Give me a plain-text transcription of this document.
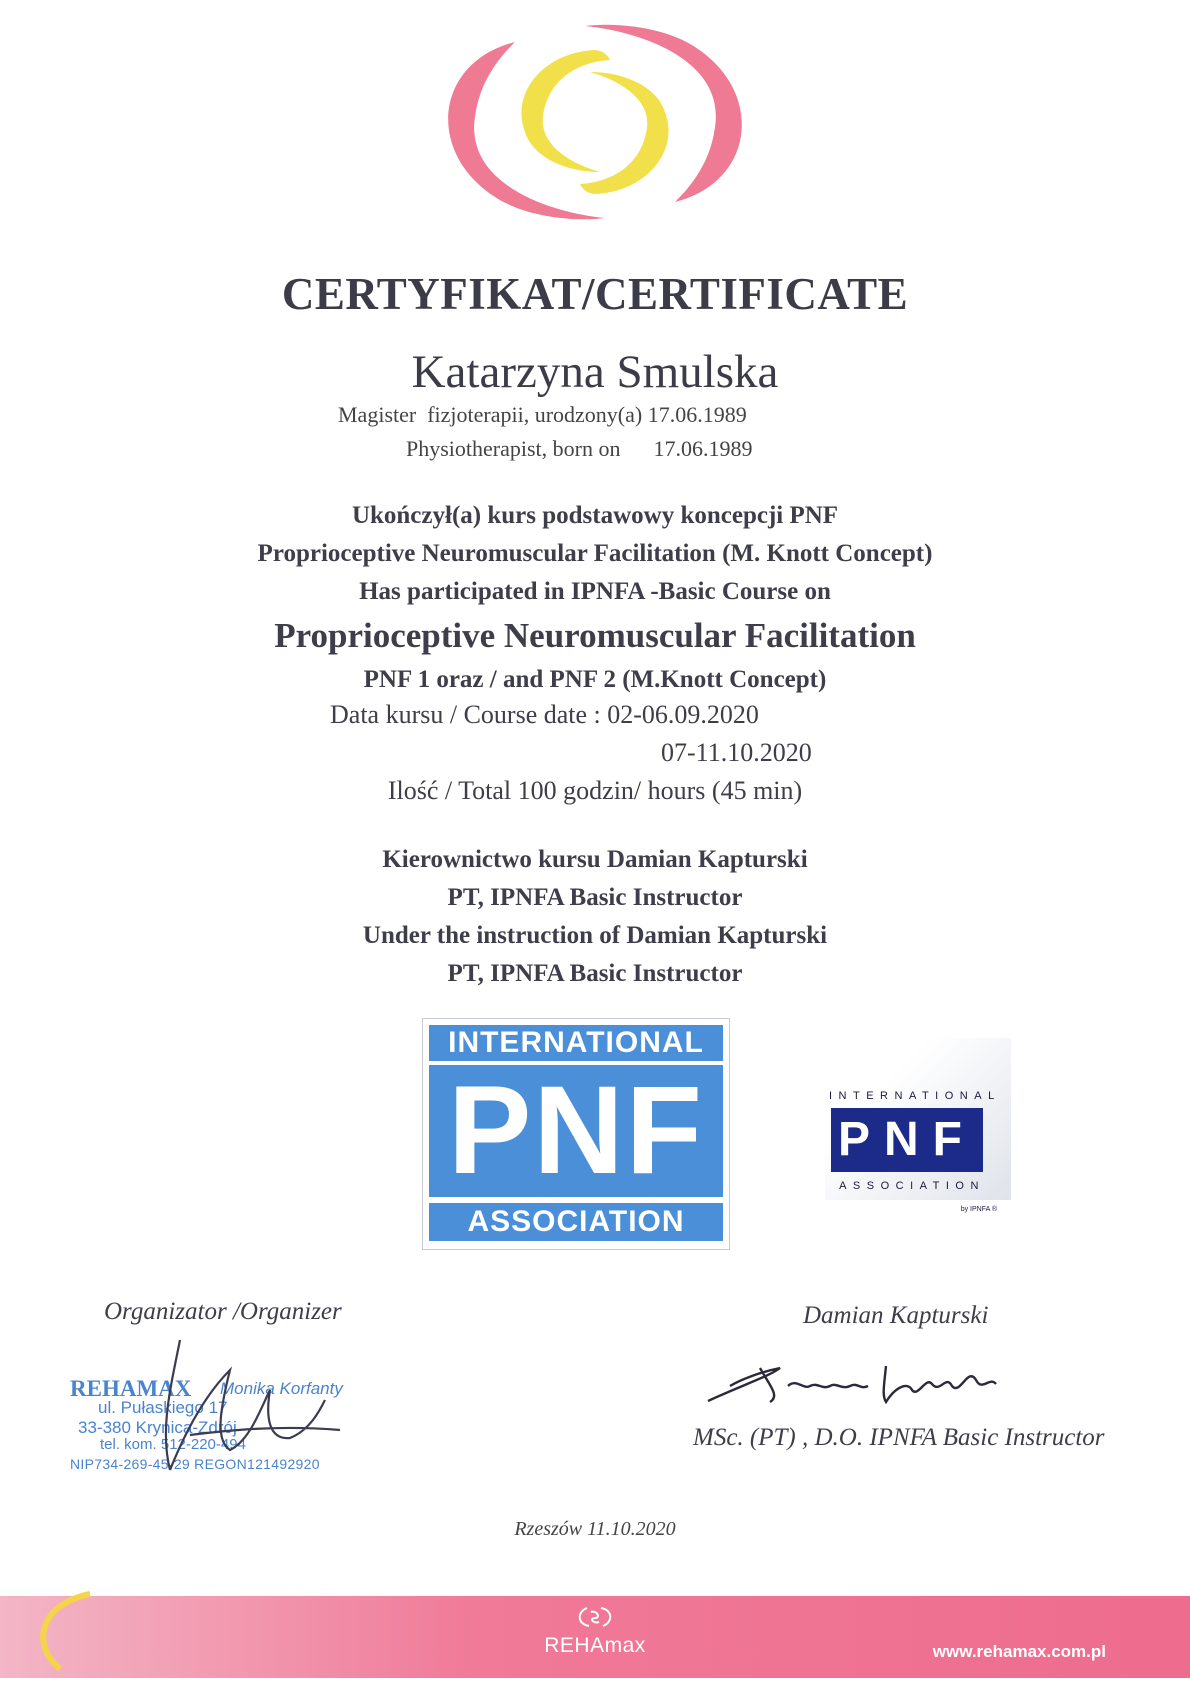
CERTYFIKAT/CERTIFICATE
Katarzyna Smulska
Magister  fizjoterapii, urodzony(a) 17.06.1989
Physiotherapist, born on      17.06.1989
Ukończył(a) kurs podstawowy koncepcji PNF
Proprioceptive Neuromuscular Facilitation (M. Knott Concept)
Has participated in IPNFA -Basic Course on
Proprioceptive Neuromuscular Facilitation
PNF 1 oraz / and PNF 2 (M.Knott Concept)
Data kursu / Course date : 02-06.09.2020
07-11.10.2020
Ilość / Total 100 godzin/ hours (45 min)
Kierownictwo kursu Damian Kapturski
PT, IPNFA Basic Instructor
Under the instruction of Damian Kapturski
PT, IPNFA Basic Instructor
INTERNATIONAL
PNF
ASSOCIATION
INTERNATIONAL
PNF
ASSOCIATION
by IPNFA ®
Organizator /Organizer	Damian Kapturski
REHAMAX Monika Korfanty
ul. Pułaskiego 17
33-380 Krynica-Zdrój
tel. kom. 512-220-494
NIP734-269-45-29 REGON121492920
MSc. (PT) , D.O. IPNFA Basic Instructor
Rzeszów 11.10.2020
REHAmax	www.rehamax.com.pl
